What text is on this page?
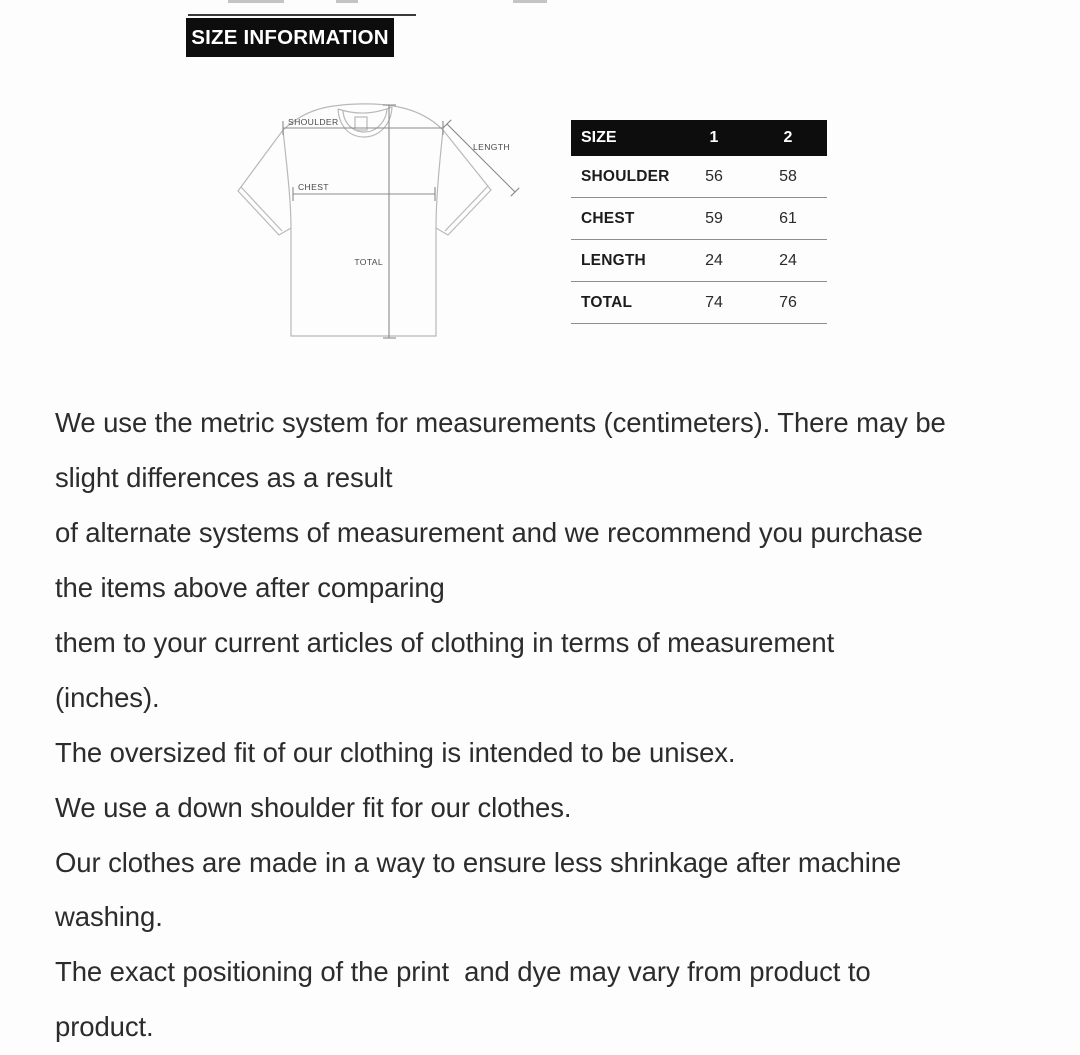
SIZE INFORMATION
SHOULDER
CHEST
LENGTH
TOTAL
SIZE	1	2
SHOULDER	56	58
CHEST	59	61
LENGTH	24	24
TOTAL	74	76
We use the metric system for measurements (centimeters). There may be
slight differences as a result
of alternate systems of measurement and we recommend you purchase
the items above after comparing
them to your current articles of clothing in terms of measurement
(inches).
The oversized fit of our clothing is intended to be unisex.
We use a down shoulder fit for our clothes.
Our clothes are made in a way to ensure less shrinkage after machine
washing.
The exact positioning of the print  and dye may vary from product to
product.
